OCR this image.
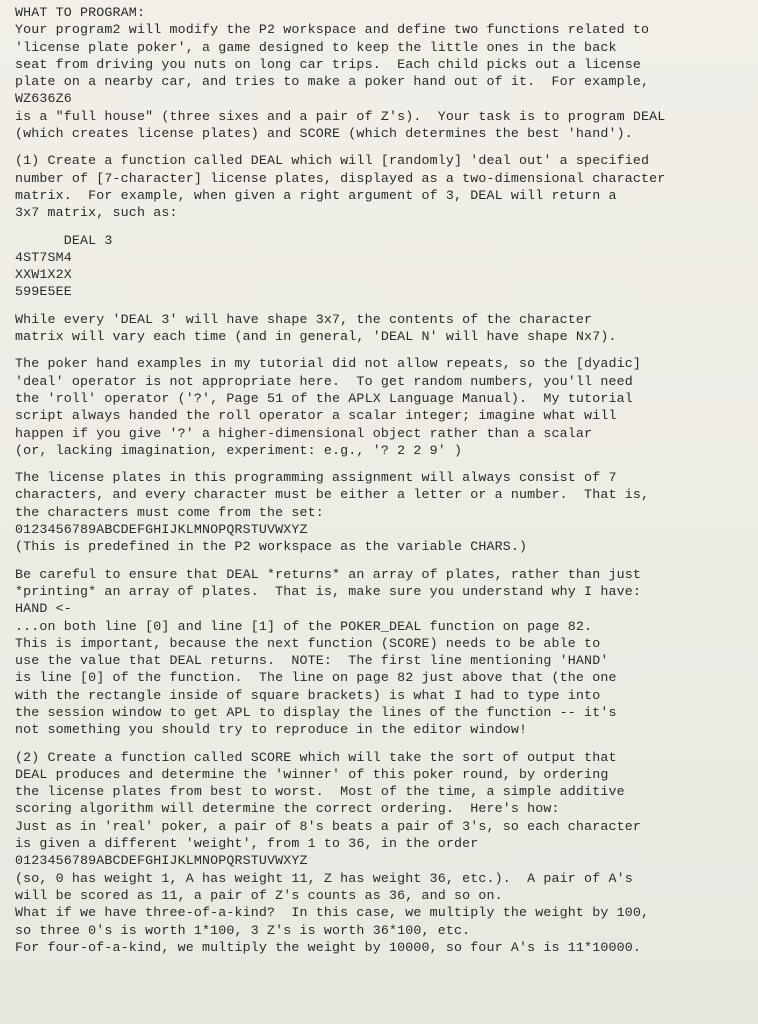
WHAT TO PROGRAM:
Your program2 will modify the P2 workspace and define two functions related to
'license plate poker', a game designed to keep the little ones in the back
seat from driving you nuts on long car trips.  Each child picks out a license
plate on a nearby car, and tries to make a poker hand out of it.  For example,
WZ636Z6
is a "full house" (three sixes and a pair of Z's).  Your task is to program DEAL
(which creates license plates) and SCORE (which determines the best 'hand').
(1) Create a function called DEAL which will [randomly] 'deal out' a specified
number of [7-character] license plates, displayed as a two-dimensional character
matrix.  For example, when given a right argument of 3, DEAL will return a
3x7 matrix, such as:
DEAL 3
4ST7SM4
XXW1X2X
599E5EE
While every 'DEAL 3' will have shape 3x7, the contents of the character
matrix will vary each time (and in general, 'DEAL N' will have shape Nx7).
The poker hand examples in my tutorial did not allow repeats, so the [dyadic]
'deal' operator is not appropriate here.  To get random numbers, you'll need
the 'roll' operator ('?', Page 51 of the APLX Language Manual).  My tutorial
script always handed the roll operator a scalar integer; imagine what will
happen if you give '?' a higher-dimensional object rather than a scalar
(or, lacking imagination, experiment: e.g., '? 2 2 9' )
The license plates in this programming assignment will always consist of 7
characters, and every character must be either a letter or a number.  That is,
the characters must come from the set:
0123456789ABCDEFGHIJKLMNOPQRSTUVWXYZ
(This is predefined in the P2 workspace as the variable CHARS.)
Be careful to ensure that DEAL *returns* an array of plates, rather than just
*printing* an array of plates.  That is, make sure you understand why I have:
HAND <-
...on both line [0] and line [1] of the POKER_DEAL function on page 82.
This is important, because the next function (SCORE) needs to be able to
use the value that DEAL returns.  NOTE:  The first line mentioning 'HAND'
is line [0] of the function.  The line on page 82 just above that (the one
with the rectangle inside of square brackets) is what I had to type into
the session window to get APL to display the lines of the function -- it's
not something you should try to reproduce in the editor window!
(2) Create a function called SCORE which will take the sort of output that
DEAL produces and determine the 'winner' of this poker round, by ordering
the license plates from best to worst.  Most of the time, a simple additive
scoring algorithm will determine the correct ordering.  Here's how:
Just as in 'real' poker, a pair of 8's beats a pair of 3's, so each character
is given a different 'weight', from 1 to 36, in the order
0123456789ABCDEFGHIJKLMNOPQRSTUVWXYZ
(so, 0 has weight 1, A has weight 11, Z has weight 36, etc.).  A pair of A's
will be scored as 11, a pair of Z's counts as 36, and so on.
What if we have three-of-a-kind?  In this case, we multiply the weight by 100,
so three 0's is worth 1*100, 3 Z's is worth 36*100, etc.
For four-of-a-kind, we multiply the weight by 10000, so four A's is 11*10000.
